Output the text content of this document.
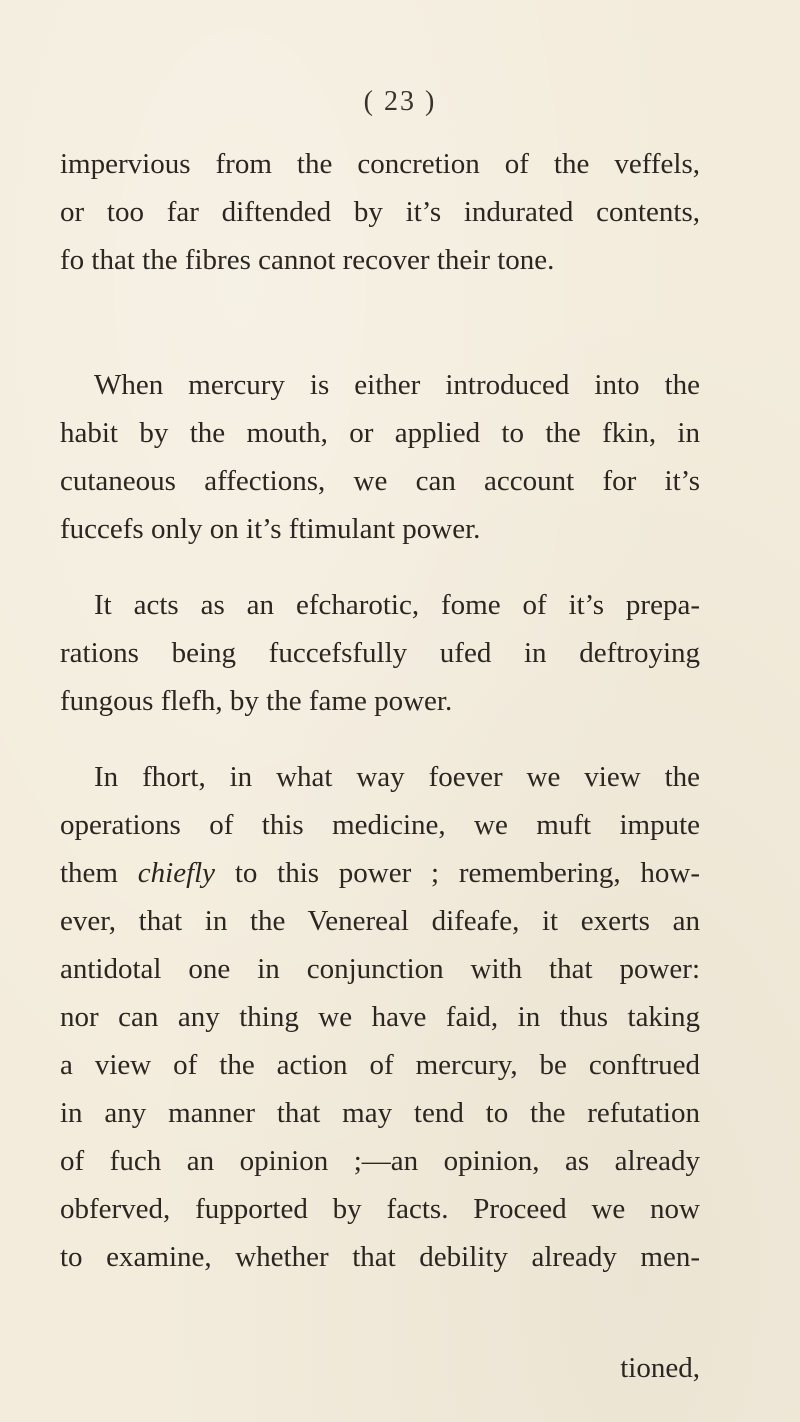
( 23 )
impervious from the concretion of the veffels,
or too far diftended by it’s indurated contents,
fo that the fibres cannot recover their tone.
When mercury is either introduced into the
habit by the mouth, or applied to the fkin, in
cutaneous affections, we can account for it’s
fuccefs only on it’s ftimulant power.
It acts as an efcharotic, fome of it’s prepa-
rations being fuccefsfully ufed in deftroying
fungous flefh, by the fame power.
In fhort, in what way foever we view the
operations of this medicine, we muft impute
them chiefly to this power ; remembering, how-
ever, that in the Venereal difeafe, it exerts an
antidotal one in conjunction with that power:
nor can any thing we have faid, in thus taking
a view of the action of mercury, be conftrued
in any manner that may tend to the refutation
of fuch an opinion ;—an opinion, as already
obferved, fupported by facts. Proceed we now
to examine, whether that debility already men-
tioned,
